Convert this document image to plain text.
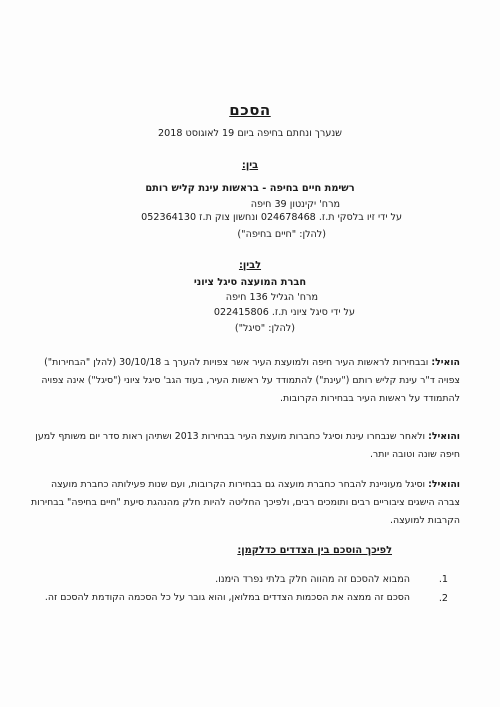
הסכם
שנערך ונחתם בחיפה ביום 19 לאוגוסט 2018
בין:
רשימת חיים בחיפה - בראשות עינת קליש רותם
מרח' יקינטון 39 חיפה
על ידי זיו בלסקי ת.ז. 024678468 ונחשון צוק ת.ז 052364130
(להלן: "חיים בחיפה")
לבין:
חברת המועצה סיגל ציוני
מרח' הגליל 136 חיפה
על ידי סיגל ציוני ת.ז. 022415806
(להלן: "סיגל")
הואיל: ובבחירות לראשות העיר חיפה ולמועצת העיר אשר צפויות להערך ב 30/10/18 (להלן "הבחירות") צפויה ד"ר עינת קליש רותם ("עינת") להתמודד על ראשות העיר, בעוד הגב' סיגל ציוני ("סיגל") אינה צפויה להתמודד על ראשות העיר בבחירות הקרובות.
והואיל: ולאחר שנבחרו עינת וסיגל כחברות מועצת העיר בבחירות 2013 ושתיהן ראות סדר יום משותף למען חיפה שונה וטובה יותר.
והואיל: וסיגל מעוניינת להבחר כחברת מועצה גם בבחירות הקרובות, ועם שנות פעילותה כחברת מועצה צברה הישגים ציבוריים רבים ותומכים רבים, ולפיכך החליטה להיות חלק מהנהגת סיעת "חיים בחיפה" בבחירות הקרבות למועצה.
לפיכך הוסכם בין הצדדים כדלקמן:
1.
המבוא להסכם זה מהווה חלק בלתי נפרד הימנו.
2.
הסכם זה ממצה את הסכמות הצדדים במלואן, והוא גובר על כל הסכמה הקודמת להסכם זה.
